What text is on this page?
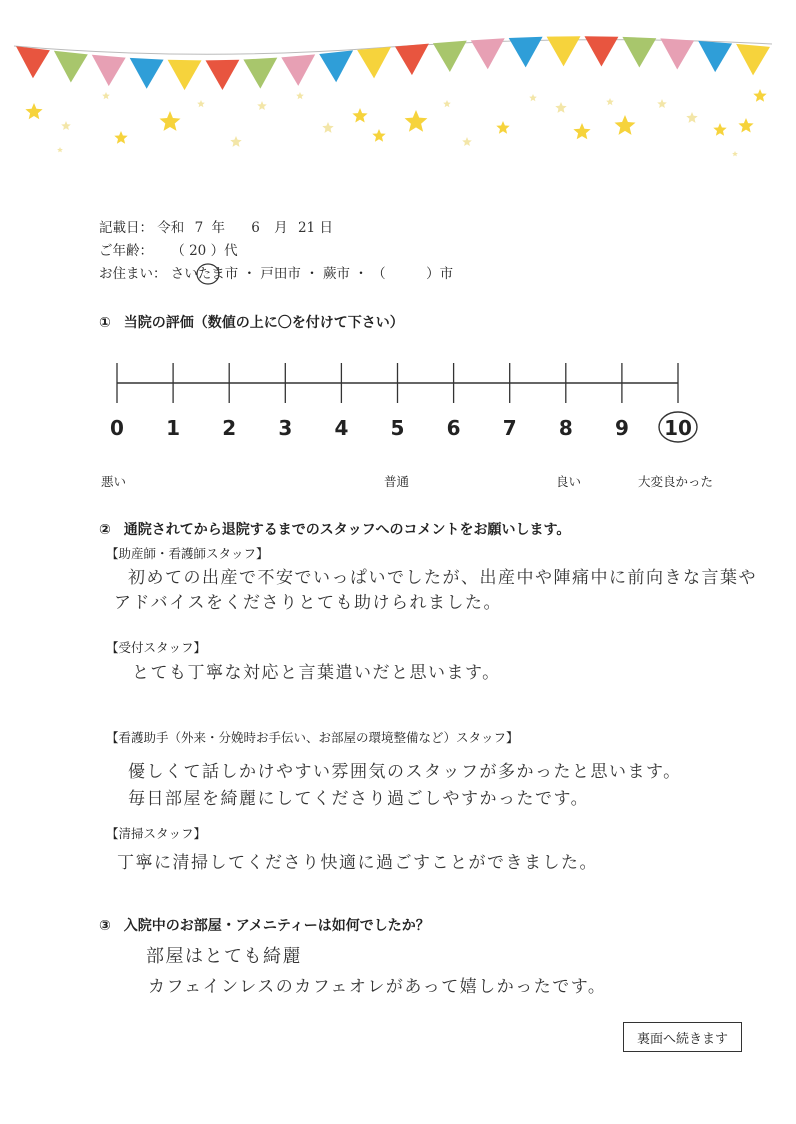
記載日： 令和 7 年 6 月 21 日
ご年齢： （ 20 ）代
お住まい： さいたま市
・ 戸田市 ・ 蕨市 ・ （　　　）市
① 当院の評価（数値の上に〇を付けて下さい）
0 1 2 3 4 5 6 7 8 9 10
悪い	普通	良い	大変良かった
② 通院されてから退院するまでのスタッフへのコメントをお願いします。
【助産師・看護師スタッフ】
初めての出産で不安でいっぱいでしたが、出産中や陣痛中に前向きな言葉や
アドバイスをくださりとても助けられました。
【受付スタッフ】
とても丁寧な対応と言葉遣いだと思います。
【看護助手（外来・分娩時お手伝い、お部屋の環境整備など）スタッフ】
優しくて話しかけやすい雰囲気のスタッフが多かったと思います。
毎日部屋を綺麗にしてくださり過ごしやすかったです。
【清掃スタッフ】
丁寧に清掃してくださり快適に過ごすことができました。
③ 入院中のお部屋・アメニティーは如何でしたか？
部屋はとても綺麗
カフェインレスのカフェオレがあって嬉しかったです。
裏面へ続きます
